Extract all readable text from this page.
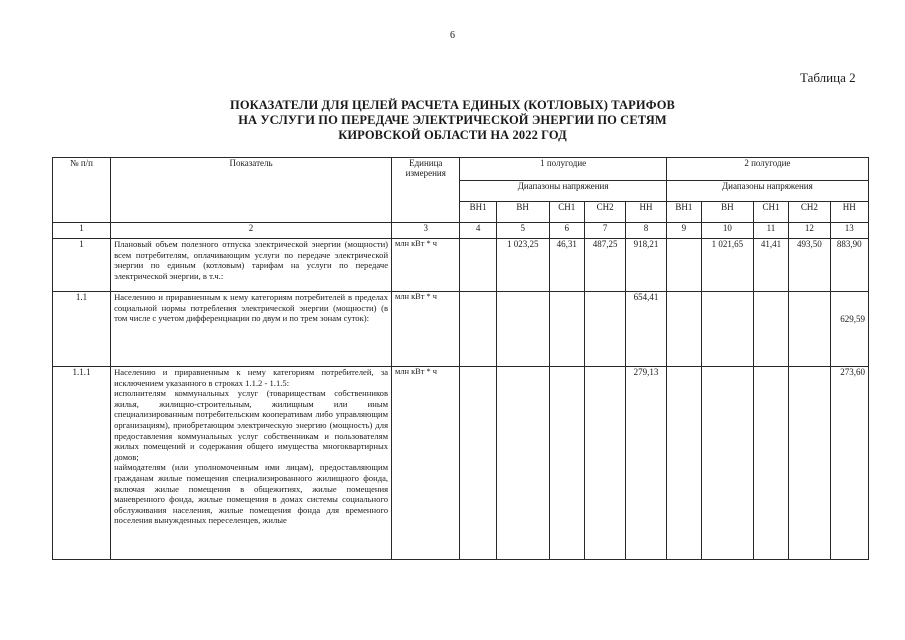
6
Таблица 2
ПОКАЗАТЕЛИ ДЛЯ ЦЕЛЕЙ РАСЧЕТА ЕДИНЫХ (КОТЛОВЫХ) ТАРИФОВ
НА УСЛУГИ ПО ПЕРЕДАЧЕ ЭЛЕКТРИЧЕСКОЙ ЭНЕРГИИ ПО СЕТЯМ
КИРОВСКОЙ ОБЛАСТИ НА 2022 ГОД
№ п/п	Показатель	Единица измерения	1 полугодие					2 полугодие				
			Диапазоны напряжения					Диапазоны напряжения				
			ВН1	ВН	СН1	СН2	НН	ВН1	ВН	СН1	СН2	НН
1	2	3	4	5	6	7	8	9	10	11	12	13
1	Плановый объем полезного отпуска электрической энергии (мощности) всем потребителям, оплачивающим услуги по передаче электрической энергии по единым (котловым) тарифам на услуги по передаче электрической энергии, в т.ч.:	млн кВт * ч		1 023,25	46,31	487,25	918,21		1 021,65	41,41	493,50	883,90
1.1	Населению и приравненным к нему категориям потребителей в пределах социальной нормы потребления электрической энергии (мощности) (в том числе с учетом дифференциации по двум и по трем зонам суток):	млн кВт * ч					654,41					629,59
1.1.1	Населению и приравненным к нему категориям потребителей, за исключением указанного в строках 1.1.2 - 1.1.5:

исполнителям коммунальных услуг (товариществам собственников жилья, жилищно-строительным, жилищным или иным специализированным потребительским кооперативам либо управляющим организациям), приобретающим электрическую энергию (мощность) для предоставления коммунальных услуг собственникам и пользователям жилых помещений и содержания общего имущества многоквартирных домов;

наймодателям (или уполномоченным ими лицам), предоставляющим гражданам жилые помещения специализированного жилищного фонда, включая жилые помещения в общежитиях, жилые помещения маневренного фонда, жилые помещения в домах системы социального обслуживания населения, жилые помещения фонда для временного поселения вынужденных переселенцев, жилые	млн кВт * ч					279,13					273,60
